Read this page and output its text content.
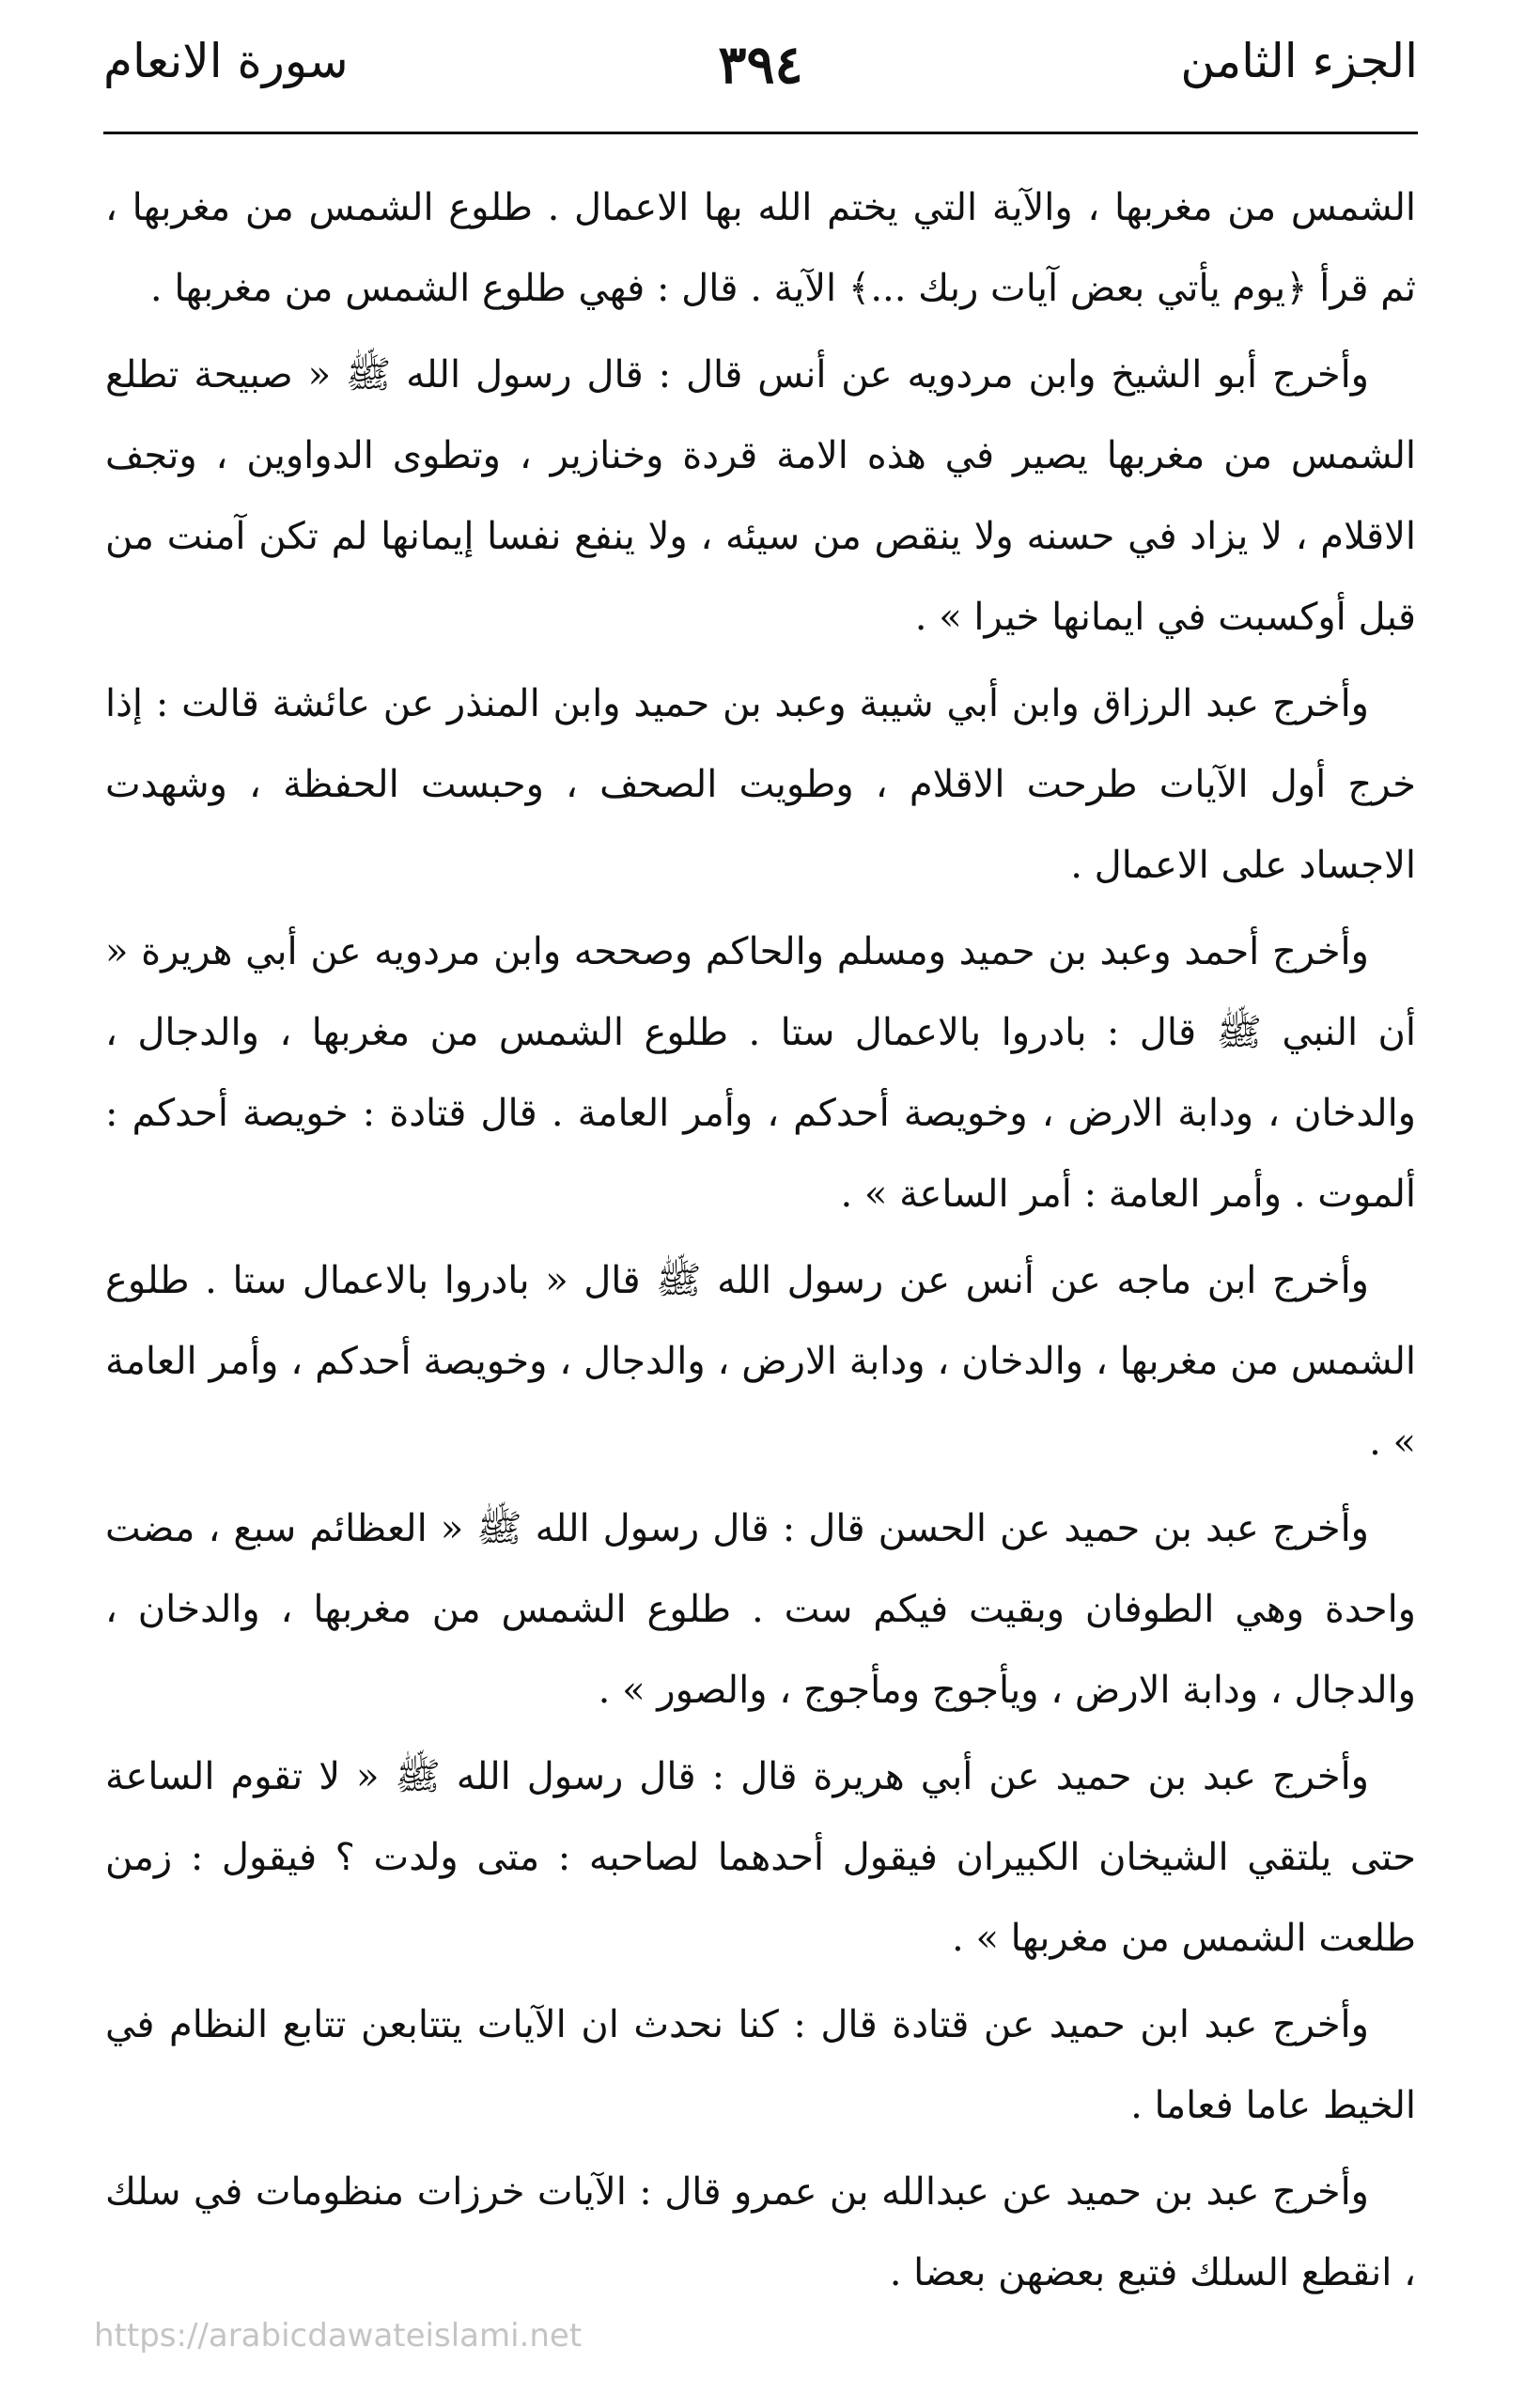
الجزء الثامن
٣٩٤
سورة الانعام

الشمس من مغربها ، والآية التي يختم الله بها الاعمال . طلوع الشمس من مغربها ، ثم قرأ ﴿يوم يأتي بعض آيات ربك ...﴾ الآية . قال : فهي طلوع الشمس من مغربها .

وأخرج أبو الشيخ وابن مردويه عن أنس قال : قال رسول الله ﷺ « صبيحة تطلع الشمس من مغربها يصير في هذه الامة قردة وخنازير ، وتطوى الدواوين ، وتجف الاقلام ، لا يزاد في حسنه ولا ينقص من سيئه ، ولا ينفع نفسا إيمانها لم تكن آمنت من قبل أوكسبت في ايمانها خيرا » .

وأخرج عبد الرزاق وابن أبي شيبة وعبد بن حميد وابن المنذر عن عائشة قالت : إذا خرج أول الآيات طرحت الاقلام ، وطويت الصحف ، وحبست الحفظة ، وشهدت الاجساد على الاعمال .

وأخرج أحمد وعبد بن حميد ومسلم والحاكم وصححه وابن مردويه عن أبي هريرة « أن النبي ﷺ قال : بادروا بالاعمال ستا . طلوع الشمس من مغربها ، والدجال ، والدخان ، ودابة الارض ، وخويصة أحدكم ، وأمر العامة . قال قتادة : خويصة أحدكم : ألموت . وأمر العامة : أمر الساعة » .

وأخرج ابن ماجه عن أنس عن رسول الله ﷺ قال « بادروا بالاعمال ستا . طلوع الشمس من مغربها ، والدخان ، ودابة الارض ، والدجال ، وخويصة أحدكم ، وأمر العامة » .

وأخرج عبد بن حميد عن الحسن قال : قال رسول الله ﷺ « العظائم سبع ، مضت واحدة وهي الطوفان وبقيت فيكم ست . طلوع الشمس من مغربها ، والدخان ، والدجال ، ودابة الارض ، ويأجوج ومأجوج ، والصور » .

وأخرج عبد بن حميد عن أبي هريرة قال : قال رسول الله ﷺ « لا تقوم الساعة حتى يلتقي الشيخان الكبيران فيقول أحدهما لصاحبه : متى ولدت ؟ فيقول : زمن طلعت الشمس من مغربها » .

وأخرج عبد ابن حميد عن قتادة قال : كنا نحدث ان الآيات يتتابعن تتابع النظام في الخيط عاما فعاما .

وأخرج عبد بن حميد عن عبدالله بن عمرو قال : الآيات خرزات منظومات في سلك ، انقطع السلك فتبع بعضهن بعضا .

https://arabicdawateislami.net
